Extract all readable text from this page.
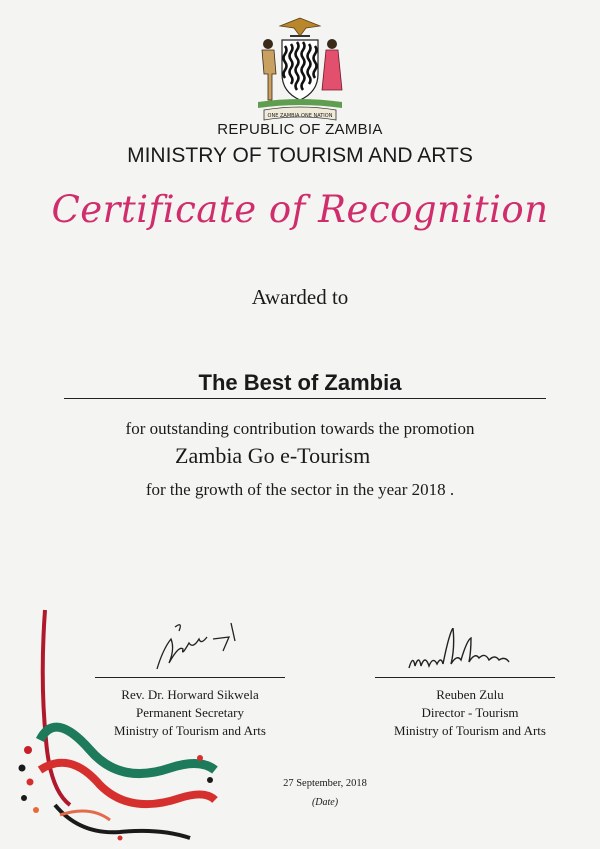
ONE ZAMBIA ONE NATION
REPUBLIC OF ZAMBIA
MINISTRY OF TOURISM AND ARTS
Certificate of Recognition
Awarded to
The Best of Zambia
for outstanding contribution towards the promotion
Zambia Go e-Tourism
for the growth of the sector in the year 2018 .
Rev. Dr. Horward Sikwela
Permanent Secretary
Ministry of Tourism and Arts
Reuben Zulu
Director - Tourism
Ministry of Tourism and Arts
27 September, 2018
(Date)
